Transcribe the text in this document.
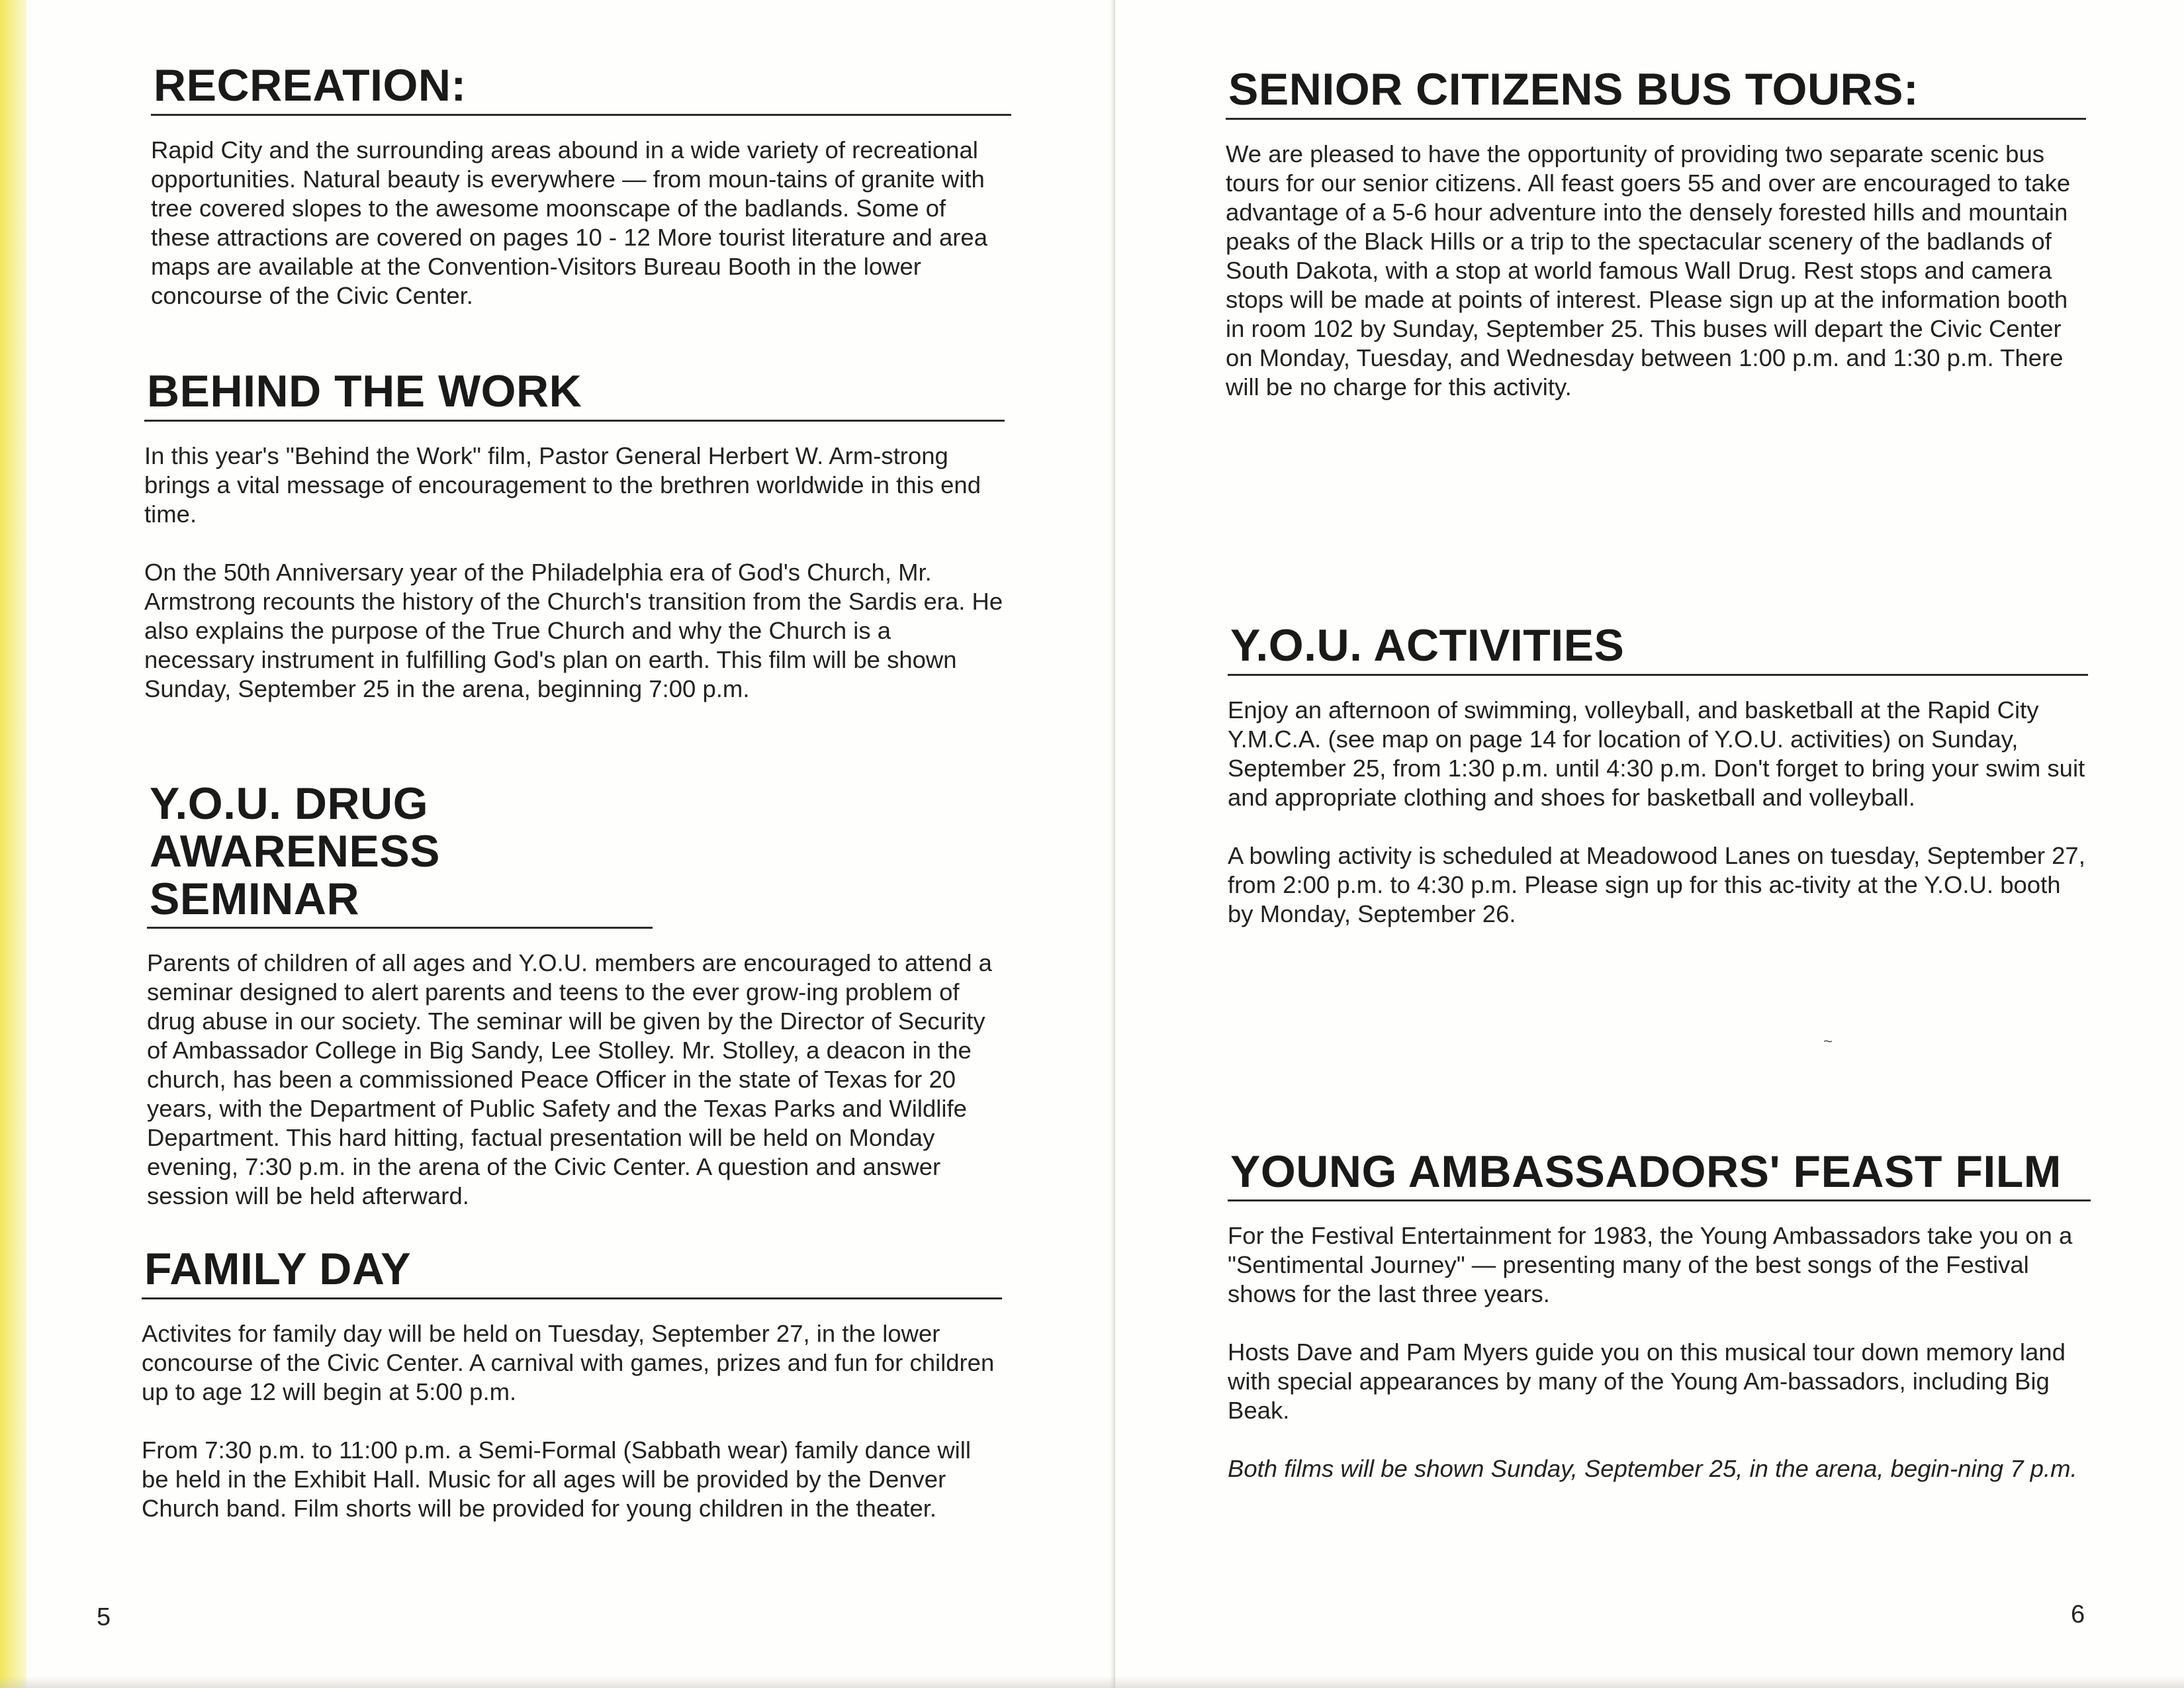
RECREATION:

Rapid City and the surrounding areas abound in a wide variety of recreational opportunities. Natural beauty is everywhere — from moun-tains of granite with tree covered slopes to the awesome moonscape of the badlands. Some of these attractions are covered on pages 10 - 12 More tourist literature and area maps are available at the Convention-Visitors Bureau Booth in the lower concourse of the Civic Center.

BEHIND THE WORK

In this year's "Behind the Work" film, Pastor General Herbert W. Arm-strong brings a vital message of encouragement to the brethren worldwide in this end time.

On the 50th Anniversary year of the Philadelphia era of God's Church, Mr. Armstrong recounts the history of the Church's transition from the Sardis era. He also explains the purpose of the True Church and why the Church is a necessary instrument in fulfilling God's plan on earth. This film will be shown Sunday, September 25 in the arena, beginning 7:00 p.m.

Y.O.U. DRUG AWARENESS SEMINAR

Parents of children of all ages and Y.O.U. members are encouraged to attend a seminar designed to alert parents and teens to the ever grow-ing problem of drug abuse in our society. The seminar will be given by the Director of Security of Ambassador College in Big Sandy, Lee Stolley. Mr. Stolley, a deacon in the church, has been a commissioned Peace Officer in the state of Texas for 20 years, with the Department of Public Safety and the Texas Parks and Wildlife Department. This hard hitting, factual presentation will be held on Monday evening, 7:30 p.m. in the arena of the Civic Center. A question and answer session will be held afterward.

FAMILY DAY

Activites for family day will be held on Tuesday, September 27, in the lower concourse of the Civic Center. A carnival with games, prizes and fun for children up to age 12 will begin at 5:00 p.m.

From 7:30 p.m. to 11:00 p.m. a Semi-Formal (Sabbath wear) family dance will be held in the Exhibit Hall. Music for all ages will be provided by the Denver Church band. Film shorts will be provided for young children in the theater.

5
SENIOR CITIZENS BUS TOURS:

We are pleased to have the opportunity of providing two separate scenic bus tours for our senior citizens. All feast goers 55 and over are encouraged to take advantage of a 5-6 hour adventure into the densely forested hills and mountain peaks of the Black Hills or a trip to the spectacular scenery of the badlands of South Dakota, with a stop at world famous Wall Drug. Rest stops and camera stops will be made at points of interest. Please sign up at the information booth in room 102 by Sunday, September 25. This buses will depart the Civic Center on Monday, Tuesday, and Wednesday between 1:00 p.m. and 1:30 p.m. There will be no charge for this activity.

Y.O.U. ACTIVITIES

Enjoy an afternoon of swimming, volleyball, and basketball at the Rapid City Y.M.C.A. (see map on page 14 for location of Y.O.U. activities) on Sunday, September 25, from 1:30 p.m. until 4:30 p.m. Don't forget to bring your swim suit and appropriate clothing and shoes for basketball and volleyball.

A bowling activity is scheduled at Meadowood Lanes on tuesday, September 27, from 2:00 p.m. to 4:30 p.m. Please sign up for this ac-tivity at the Y.O.U. booth by Monday, September 26.

~
YOUNG AMBASSADORS' FEAST FILM

For the Festival Entertainment for 1983, the Young Ambassadors take you on a "Sentimental Journey" — presenting many of the best songs of the Festival shows for the last three years.

Hosts Dave and Pam Myers guide you on this musical tour down memory land with special appearances by many of the Young Am-bassadors, including Big Beak.

Both films will be shown Sunday, September 25, in the arena, begin-ning 7 p.m.

6
